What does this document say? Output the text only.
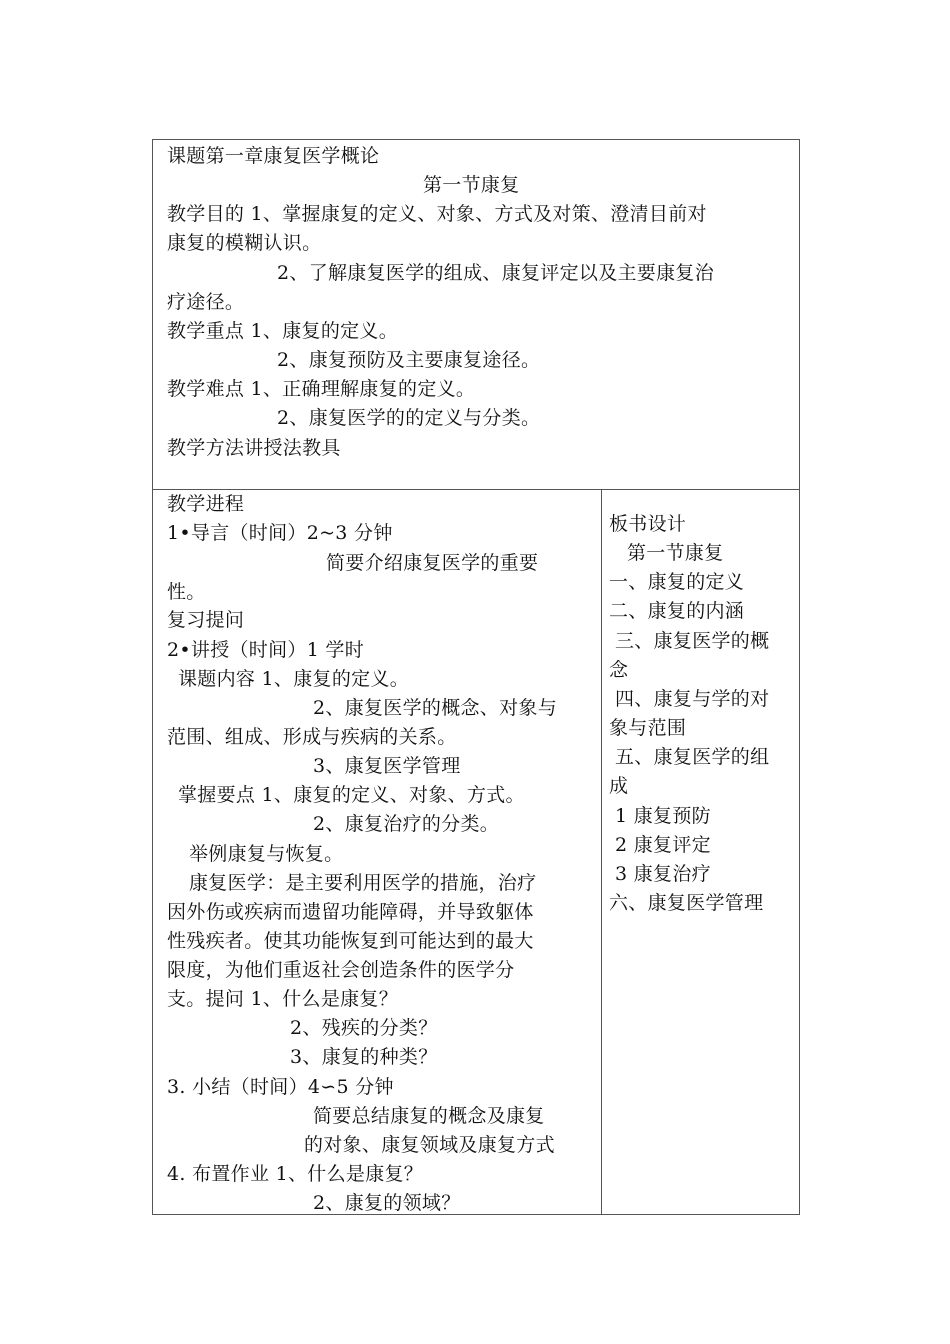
课题第一章康复医学概论
第一节康复
教学目的 1、掌握康复的定义、对象、方式及对策、澄清目前对
康复的模糊认识。
2、了解康复医学的组成、康复评定以及主要康复治
疗途径。
教学重点 1、康复的定义。
2、康复预防及主要康复途径。
教学难点 1、正确理解康复的定义。
2、康复医学的的定义与分类。
教学方法讲授法教具
教学进程
1•导言（时间）2~3 分钟
简要介绍康复医学的重要
性。
复习提问
2•讲授（时间）1 学时
课题内容 1、康复的定义。
2、康复医学的概念、对象与
范围、组成、形成与疾病的关系。
3、康复医学管理
掌握要点 1、康复的定义、对象、方式。
2、康复治疗的分类。
举例康复与恢复。
康复医学：是主要利用医学的措施，治疗
因外伤或疾病而遗留功能障碍，并导致躯体
性残疾者。使其功能恢复到可能达到的最大
限度，为他们重返社会创造条件的医学分
支。提问 1、什么是康复？
2、残疾的分类？
3、康复的种类？
3. 小结（时间）4∽5 分钟
简要总结康复的概念及康复
的对象、康复领域及康复方式
4. 布置作业 1、什么是康复？
2、康复的领域？
板书设计
第一节康复
一、康复的定义
二、康复的内涵
三、康复医学的概
念
四、康复与学的对
象与范围
五、康复医学的组
成
1 康复预防
2 康复评定
3 康复治疗
六、康复医学管理
